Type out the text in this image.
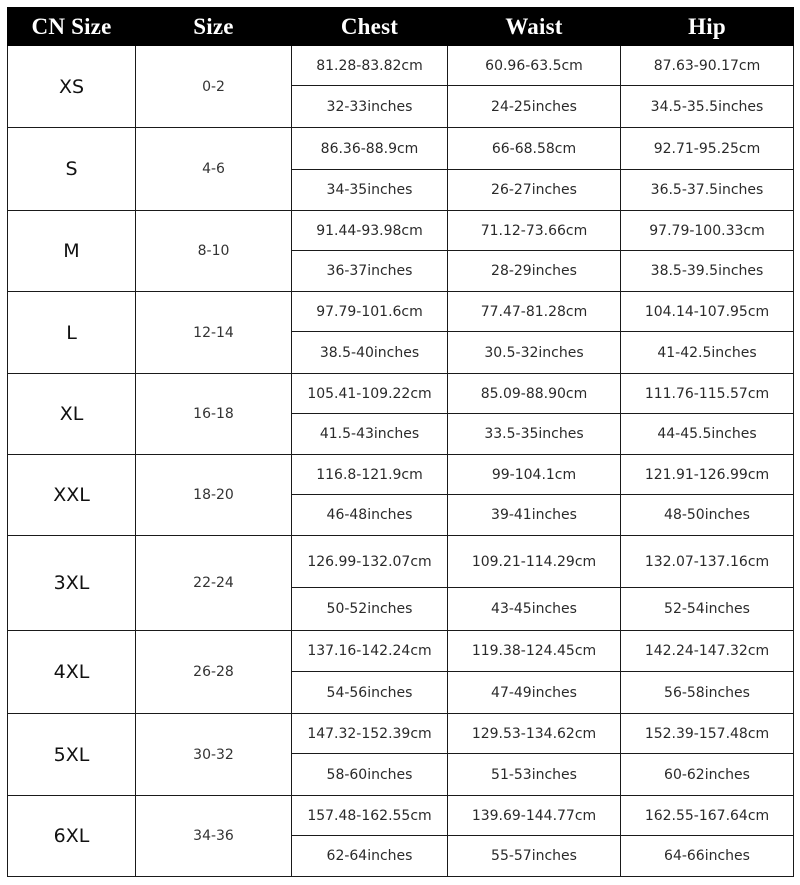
CN Size	Size	Chest	Waist	Hip
XS	0-2	81.28-83.82cm	60.96-63.5cm	87.63-90.17cm
		32-33inches	24-25inches	34.5-35.5inches
S	4-6	86.36-88.9cm	66-68.58cm	92.71-95.25cm
		34-35inches	26-27inches	36.5-37.5inches
M	8-10	91.44-93.98cm	71.12-73.66cm	97.79-100.33cm
		36-37inches	28-29inches	38.5-39.5inches
L	12-14	97.79-101.6cm	77.47-81.28cm	104.14-107.95cm
		38.5-40inches	30.5-32inches	41-42.5inches
XL	16-18	105.41-109.22cm	85.09-88.90cm	111.76-115.57cm
		41.5-43inches	33.5-35inches	44-45.5inches
XXL	18-20	116.8-121.9cm	99-104.1cm	121.91-126.99cm
		46-48inches	39-41inches	48-50inches
3XL	22-24	126.99-132.07cm	109.21-114.29cm	132.07-137.16cm
		50-52inches	43-45inches	52-54inches
4XL	26-28	137.16-142.24cm	119.38-124.45cm	142.24-147.32cm
		54-56inches	47-49inches	56-58inches
5XL	30-32	147.32-152.39cm	129.53-134.62cm	152.39-157.48cm
		58-60inches	51-53inches	60-62inches
6XL	34-36	157.48-162.55cm	139.69-144.77cm	162.55-167.64cm
		62-64inches	55-57inches	64-66inches
